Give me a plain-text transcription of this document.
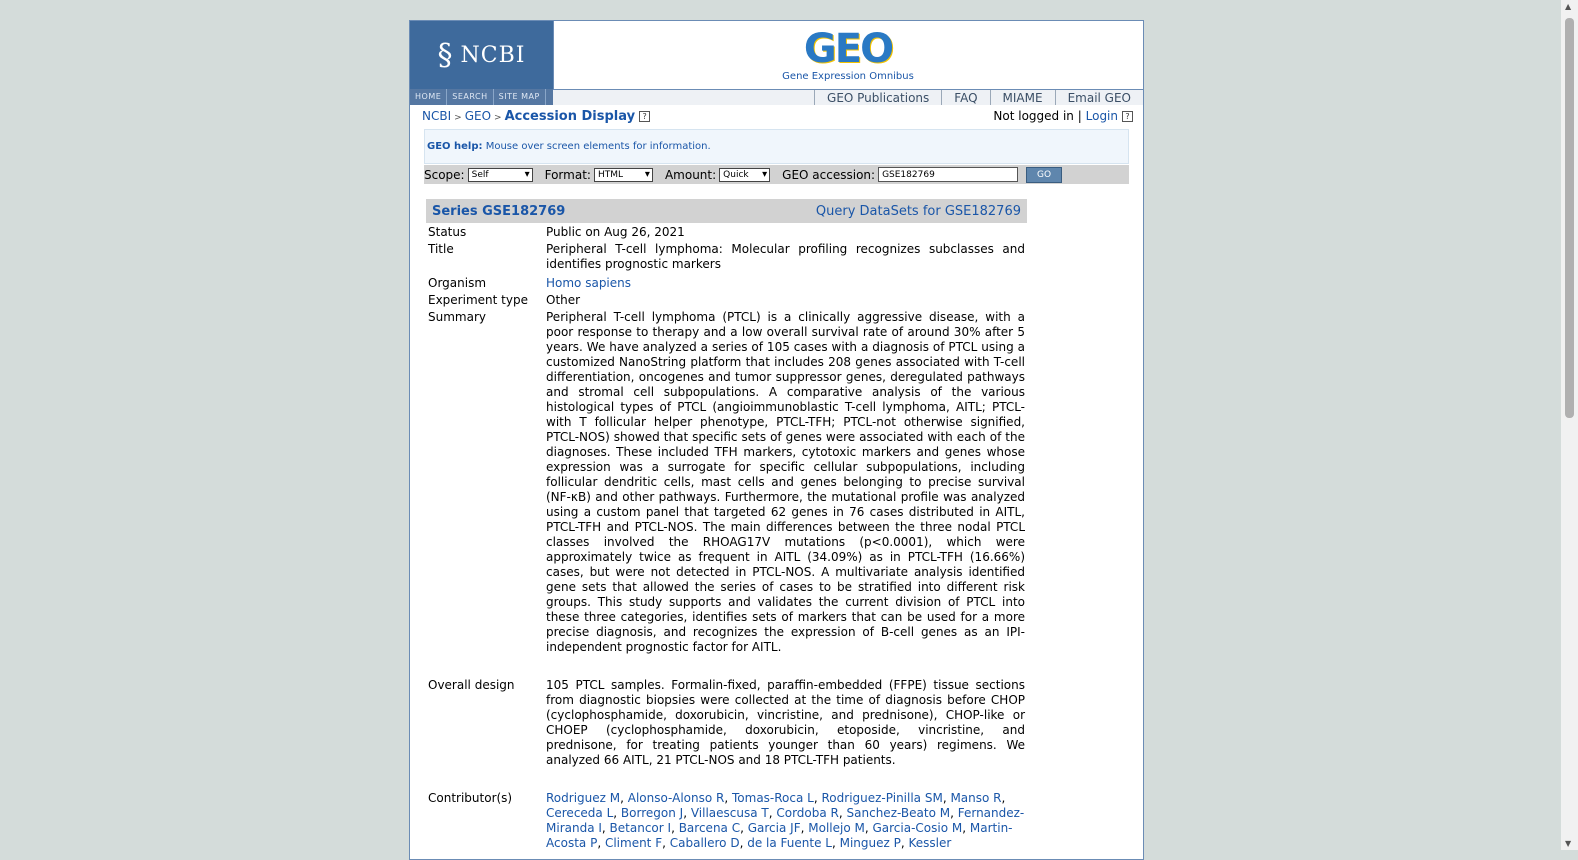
§ NCBI	GEO
Gene Expression Omnibus
HOME	SEARCH	SITE MAP	GEO Publications	FAQ	MIAME	Email GEO
NCBI > GEO > Accession Display ?	Not logged in | Login ?
GEO help: Mouse over screen elements for information.
Scope: Self ▾	Format: HTML ▾	Amount: Quick ▾	GEO accession: GSE182769	GO
Series GSE182769	Query DataSets for GSE182769
Status	Public on Aug 26, 2021
Title	Peripheral T-cell lymphoma: Molecular profiling recognizes subclasses and identifies prognostic markers
Organism	Homo sapiens
Experiment type	Other
Summary	Peripheral T-cell lymphoma (PTCL) is a clinically aggressive disease, with a poor response to therapy and a low overall survival rate of around 30% after 5 years. We have analyzed a series of 105 cases with a diagnosis of PTCL using a customized NanoString platform that includes 208 genes associated with T-cell differentiation, oncogenes and tumor suppressor genes, deregulated pathways and stromal cell subpopulations. A comparative analysis of the various histological types of PTCL (angioimmunoblastic T-cell lymphoma, AITL; PTCL-with T follicular helper phenotype, PTCL-TFH; PTCL-not otherwise signified, PTCL-NOS) showed that specific sets of genes were associated with each of the diagnoses. These included TFH markers, cytotoxic markers and genes whose expression was a surrogate for specific cellular subpopulations, including follicular dendritic cells, mast cells and genes belonging to precise survival (NF-κB) and other pathways. Furthermore, the mutational profile was analyzed using a custom panel that targeted 62 genes in 76 cases distributed in AITL, PTCL-TFH and PTCL-NOS. The main differences between the three nodal PTCL classes involved the RHOAG17V mutations (p<0.0001), which were approximately twice as frequent in AITL (34.09%) as in PTCL-TFH (16.66%) cases, but were not detected in PTCL-NOS. A multivariate analysis identified gene sets that allowed the series of cases to be stratified into different risk groups. This study supports and validates the current division of PTCL into these three categories, identifies sets of markers that can be used for a more precise diagnosis, and recognizes the expression of B-cell genes as an IPI-independent prognostic factor for AITL.
Overall design	105 PTCL samples. Formalin-fixed, paraffin-embedded (FFPE) tissue sections from diagnostic biopsies were collected at the time of diagnosis before CHOP (cyclophosphamide, doxorubicin, vincristine, and prednisone), CHOP-like or CHOEP (cyclophosphamide, doxorubicin, etoposide, vincristine, and prednisone, for treating patients younger than 60 years) regimens. We analyzed 66 AITL, 21 PTCL-NOS and 18 PTCL-TFH patients.
Contributor(s)	Rodriguez M, Alonso-Alonso R, Tomas-Roca L, Rodriguez-Pinilla SM, Manso R, Cereceda L, Borregon J, Villaescusa T, Cordoba R, Sanchez-Beato M, Fernandez-Miranda I, Betancor I, Barcena C, Garcia JF, Mollejo M, Garcia-Cosio M, Martin-Acosta P, Climent F, Caballero D, de la Fuente L, Minguez P, Kessler
▲
▼
